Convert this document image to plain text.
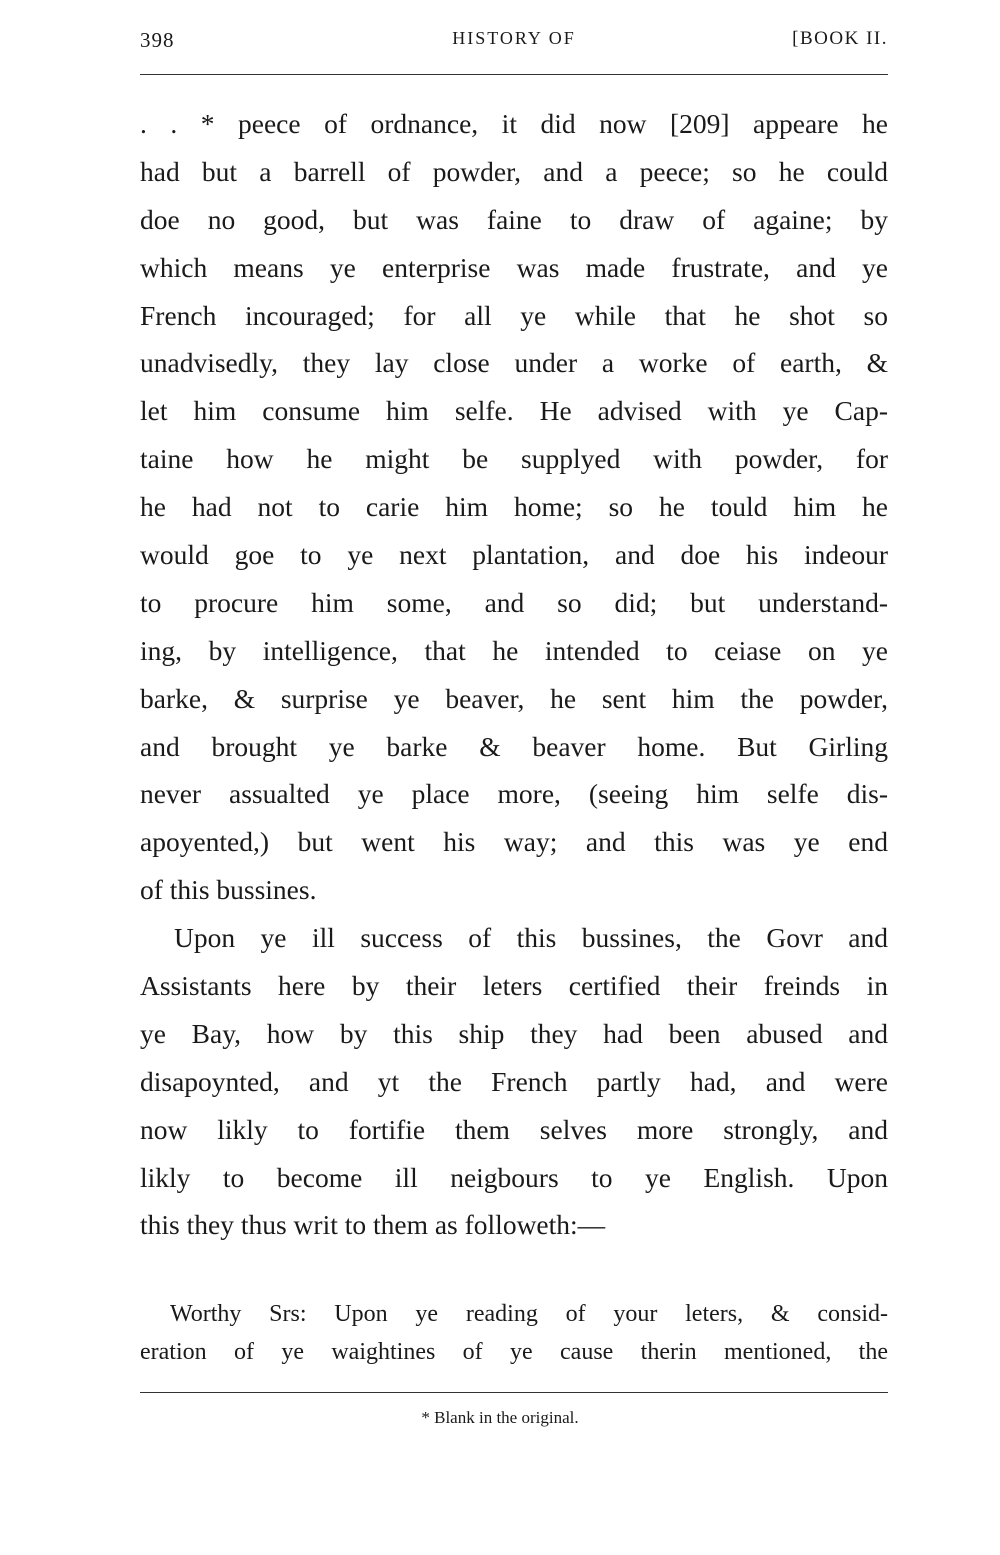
398	HISTORY OF	[BOOK II.
. . * peece of ordnance, it did now [209] appeare he
had but a barrell of powder, and a peece; so he could
doe no good, but was faine to draw of againe; by
which means ye enterprise was made frustrate, and ye
French incouraged; for all ye while that he shot so
unadvisedly, they lay close under a worke of earth, &
let him consume him selfe. He advised with ye Cap-
taine how he might be supplyed with powder, for
he had not to carie him home; so he tould him he
would goe to ye next plantation, and doe his indeour
to procure him some, and so did; but understand-
ing, by intelligence, that he intended to ceiase on ye
barke, & surprise ye beaver, he sent him the powder,
and brought ye barke & beaver home. But Girling
never assualted ye place more, (seeing him selfe dis-
apoyented,) but went his way; and this was ye end
of this bussines.
Upon ye ill success of this bussines, the Govr and
Assistants here by their leters certified their freinds in
ye Bay, how by this ship they had been abused and
disapoynted, and yt the French partly had, and were
now likly to fortifie them selves more strongly, and
likly to become ill neigbours to ye English. Upon
this they thus writ to them as followeth:—
Worthy Srs: Upon ye reading of your leters, & consid-
eration of ye waightines of ye cause therin mentioned, the
* Blank in the original.
